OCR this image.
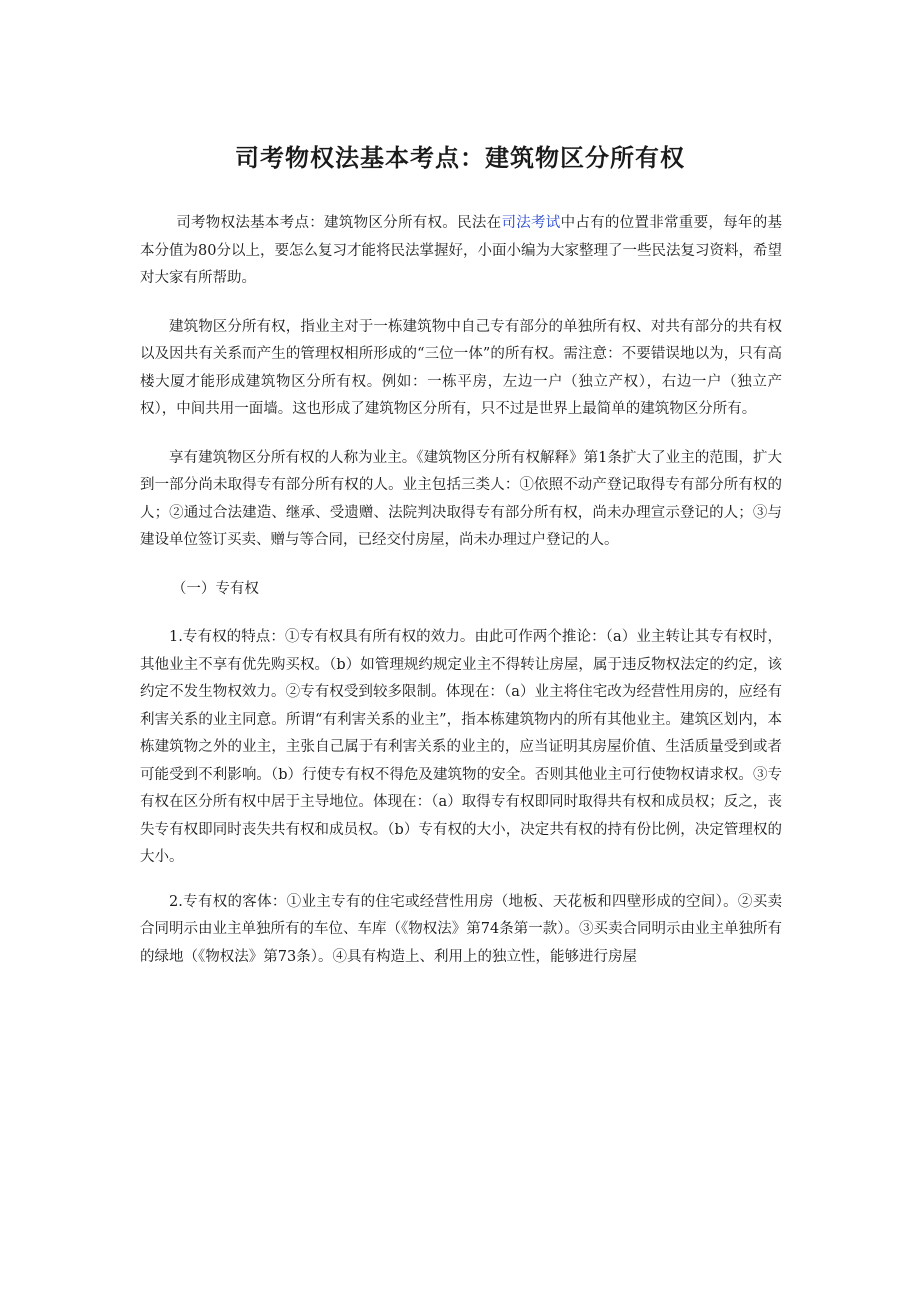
司考物权法基本考点：建筑物区分所有权

司考物权法基本考点：建筑物区分所有权。民法在司法考试中占有的位置非常重要，每年的基本分值为80分以上，要怎么复习才能将民法掌握好，小面小编为大家整理了一些民法复习资料，希望对大家有所帮助。

建筑物区分所有权，指业主对于一栋建筑物中自己专有部分的单独所有权、对共有部分的共有权以及因共有关系而产生的管理权相所形成的“三位一体”的所有权。需注意：不要错误地以为，只有高楼大厦才能形成建筑物区分所有权。例如：一栋平房，左边一户（独立产权），右边一户（独立产权），中间共用一面墙。这也形成了建筑物区分所有，只不过是世界上最简单的建筑物区分所有。

享有建筑物区分所有权的人称为业主。《建筑物区分所有权解释》第1条扩大了业主的范围，扩大到一部分尚未取得专有部分所有权的人。业主包括三类人：①依照不动产登记取得专有部分所有权的人；②通过合法建造、继承、受遗赠、法院判决取得专有部分所有权，尚未办理宣示登记的人；③与建设单位签订买卖、赠与等合同，已经交付房屋，尚未办理过户登记的人。

（一）专有权

1.专有权的特点：①专有权具有所有权的效力。由此可作两个推论：（a）业主转让其专有权时，其他业主不享有优先购买权。（b）如管理规约规定业主不得转让房屋，属于违反物权法定的约定，该约定不发生物权效力。②专有权受到较多限制。体现在：（a）业主将住宅改为经营性用房的，应经有利害关系的业主同意。所谓“有利害关系的业主”，指本栋建筑物内的所有其他业主。建筑区划内，本栋建筑物之外的业主，主张自己属于有利害关系的业主的，应当证明其房屋价值、生活质量受到或者可能受到不利影响。（b）行使专有权不得危及建筑物的安全。否则其他业主可行使物权请求权。③专有权在区分所有权中居于主导地位。体现在：（a）取得专有权即同时取得共有权和成员权；反之，丧失专有权即同时丧失共有权和成员权。（b）专有权的大小，决定共有权的持有份比例，决定管理权的大小。

2.专有权的客体：①业主专有的住宅或经营性用房（地板、天花板和四壁形成的空间）。②买卖合同明示由业主单独所有的车位、车库（《物权法》第74条第一款）。③买卖合同明示由业主单独所有的绿地（《物权法》第73条）。④具有构造上、利用上的独立性，能够进行房屋
